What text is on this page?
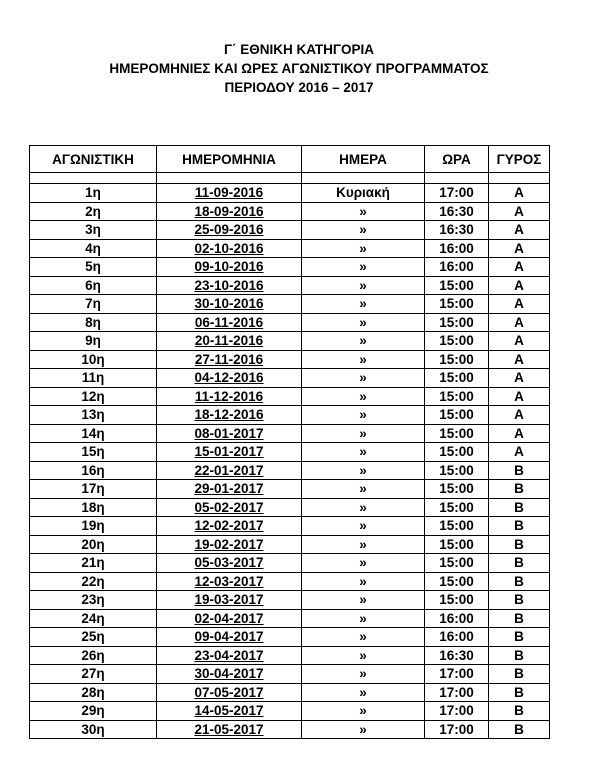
Γ΄ ΕΘΝΙΚΗ ΚΑΤΗΓΟΡΙΑ
ΗΜΕΡΟΜΗΝΙΕΣ ΚΑΙ ΩΡΕΣ ΑΓΩΝΙΣΤΙΚΟΥ ΠΡΟΓΡΑΜΜΑΤΟΣ
ΠΕΡΙΟΔΟΥ 2016 – 2017
ΑΓΩΝΙΣΤΙΚΗ	ΗΜΕΡΟΜΗΝΙΑ	ΗΜΕΡΑ	ΩΡΑ	ΓΥΡΟΣ

1η	11-09-2016	Κυριακή	17:00	Α
2η	18-09-2016	»	16:30	Α
3η	25-09-2016	»	16:30	Α
4η	02-10-2016	»	16:00	Α
5η	09-10-2016	»	16:00	Α
6η	23-10-2016	»	15:00	Α
7η	30-10-2016	»	15:00	Α
8η	06-11-2016	»	15:00	Α
9η	20-11-2016	»	15:00	Α
10η	27-11-2016	»	15:00	Α
11η	04-12-2016	»	15:00	Α
12η	11-12-2016	»	15:00	Α
13η	18-12-2016	»	15:00	Α
14η	08-01-2017	»	15:00	Α
15η	15-01-2017	»	15:00	Α
16η	22-01-2017	»	15:00	Β
17η	29-01-2017	»	15:00	Β
18η	05-02-2017	»	15:00	Β
19η	12-02-2017	»	15:00	Β
20η	19-02-2017	»	15:00	Β
21η	05-03-2017	»	15:00	Β
22η	12-03-2017	»	15:00	Β
23η	19-03-2017	»	15:00	Β
24η	02-04-2017	»	16:00	Β
25η	09-04-2017	»	16:00	Β
26η	23-04-2017	»	16:30	Β
27η	30-04-2017	»	17:00	Β
28η	07-05-2017	»	17:00	Β
29η	14-05-2017	»	17:00	Β
30η	21-05-2017	»	17:00	Β
